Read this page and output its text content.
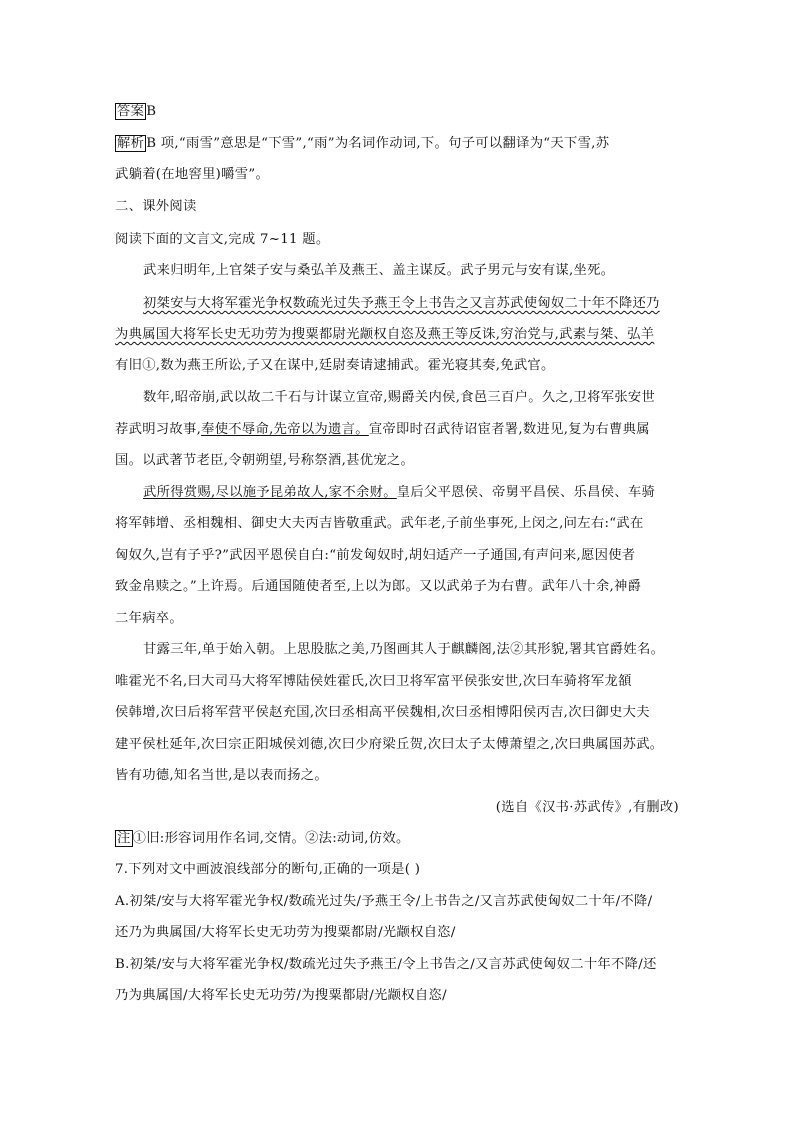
答案 B
解析 B 项,“雨雪”意思是“下雪”,“雨”为名词作动词,下。句子可以翻译为“天下雪,苏
武躺着(在地窖里)嚼雪”。
二、课外阅读
阅读下面的文言文,完成 7~11 题。
武来归明年,上官桀子安与桑弘羊及燕王、盖主谋反。武子男元与安有谋,坐死。
初桀安与大将军霍光争权数疏光过失予燕王令上书告之又言苏武使匈奴二十年不降还乃
为典属国大将军长史无功劳为搜粟都尉光颛权自恣及燕王等反诛,穷治党与,武素与桀、弘羊
有旧①,数为燕王所讼,子又在谋中,廷尉奏请逮捕武。霍光寝其奏,免武官。
数年,昭帝崩,武以故二千石与计谋立宣帝,赐爵关内侯,食邑三百户。久之,卫将军张安世
荐武明习故事,奉使不辱命,先帝以为遗言。宣帝即时召武待诏宦者署,数进见,复为右曹典属
国。以武著节老臣,令朝朔望,号称祭酒,甚优宠之。
武所得赏赐,尽以施予昆弟故人,家不余财。皇后父平恩侯、帝舅平昌侯、乐昌侯、车骑
将军韩增、丞相魏相、御史大夫丙吉皆敬重武。武年老,子前坐事死,上闵之,问左右:“武在
匈奴久,岂有子乎?”武因平恩侯自白:“前发匈奴时,胡妇适产一子通国,有声问来,愿因使者
致金帛赎之。”上许焉。后通国随使者至,上以为郎。又以武弟子为右曹。武年八十余,神爵
二年病卒。
甘露三年,单于始入朝。上思股肱之美,乃图画其人于麒麟阁,法②其形貌,署其官爵姓名。
唯霍光不名,曰大司马大将军博陆侯姓霍氏,次曰卫将军富平侯张安世,次曰车骑将军龙頟
侯韩增,次曰后将军营平侯赵充国,次曰丞相高平侯魏相,次曰丞相博阳侯丙吉,次曰御史大夫
建平侯杜延年,次曰宗正阳城侯刘德,次曰少府梁丘贺,次曰太子太傅萧望之,次曰典属国苏武。
皆有功德,知名当世,是以表而扬之。
(选自《汉书·苏武传》,有删改)
注 ①旧:形容词用作名词,交情。②法:动词,仿效。
7.下列对文中画波浪线部分的断句,正确的一项是( )
A.初桀/安与大将军霍光争权/数疏光过失/予燕王令/上书告之/又言苏武使匈奴二十年/不降/
还乃为典属国/大将军长史无功劳为搜粟都尉/光颛权自恣/
B.初桀/安与大将军霍光争权/数疏光过失予燕王/令上书告之/又言苏武使匈奴二十年不降/还
乃为典属国/大将军长史无功劳/为搜粟都尉/光颛权自恣/
